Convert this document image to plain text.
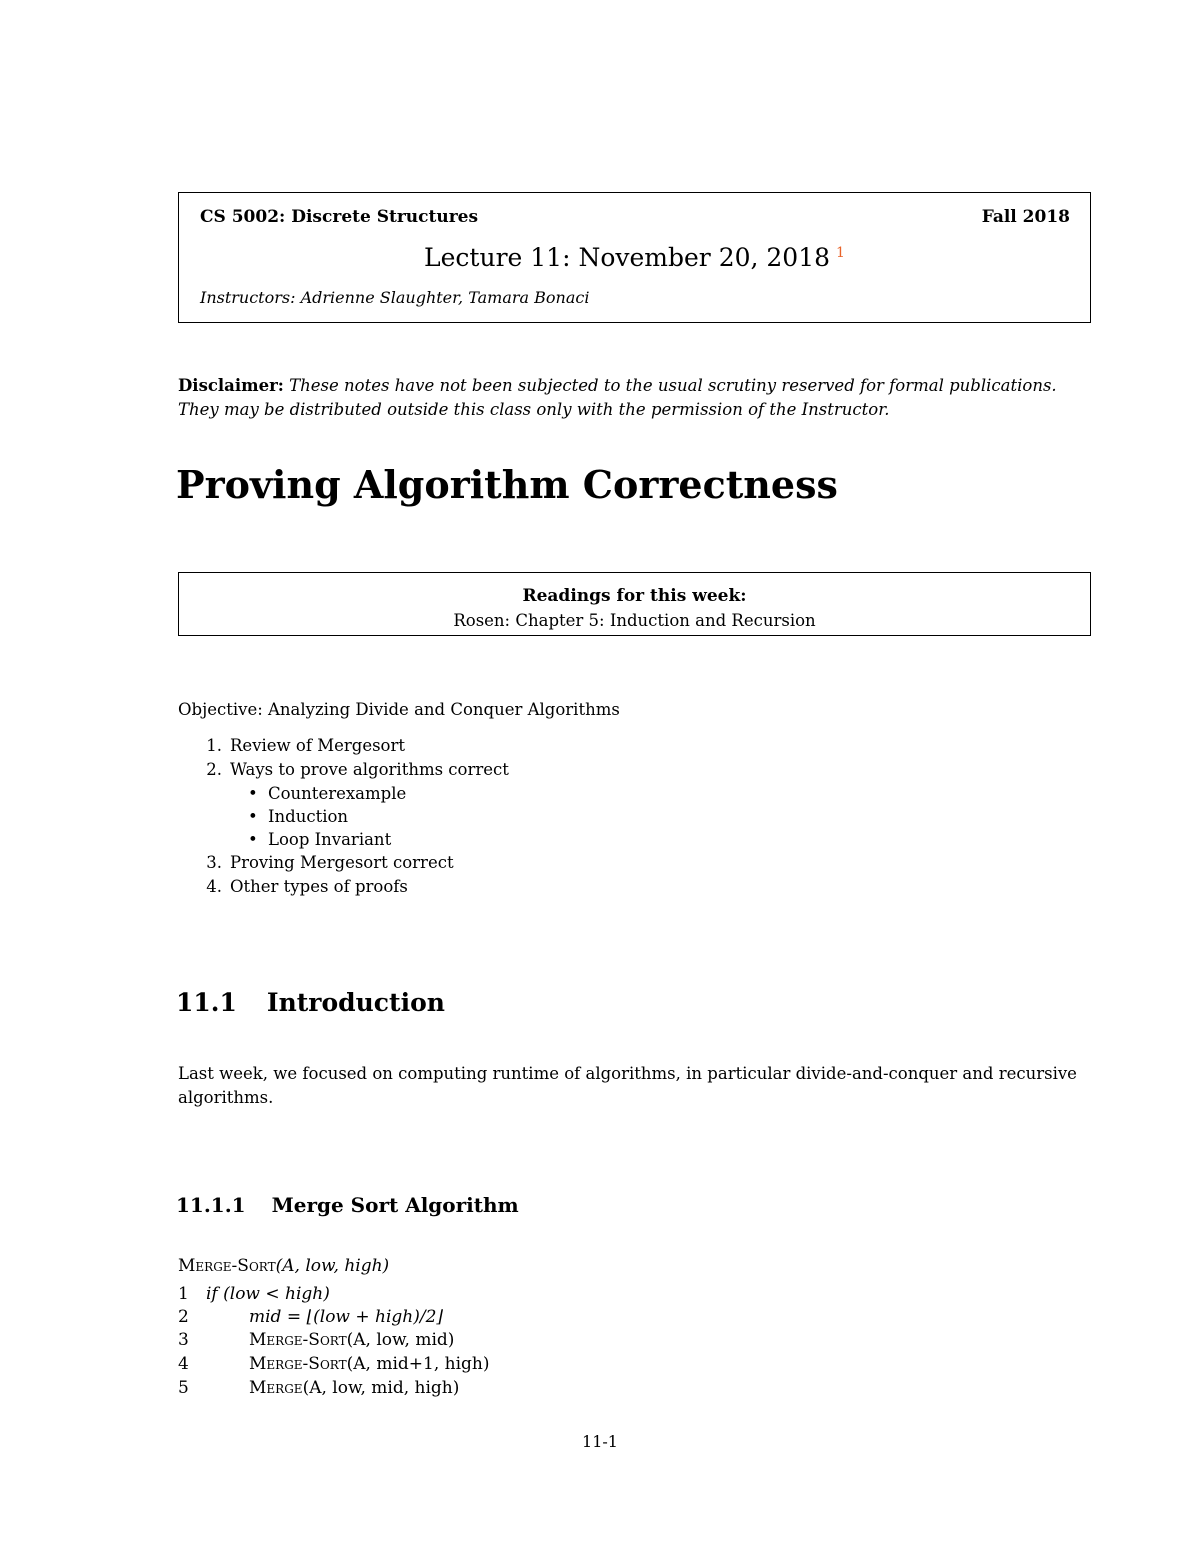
CS 5002: Discrete Structures	Fall 2018
Lecture 11: November 20, 2018 $^1$
Instructors: Adrienne Slaughter, Tamara Bonaci
Disclaimer: These notes have not been subjected to the usual scrutiny reserved for formal publications. They may be distributed outside this class only with the permission of the Instructor.
Proving Algorithm Correctness
Readings for this week:
Rosen: Chapter 5: Induction and Recursion
Objective: Analyzing Divide and Conquer Algorithms
1. Review of Mergesort
2. Ways to prove algorithms correct
• Counterexample
• Induction
• Loop Invariant
3. Proving Mergesort correct
4. Other types of proofs
11.1 Introduction
Last week, we focused on computing runtime of algorithms, in particular divide-and-conquer and recursive algorithms.
11.1.1 Merge Sort Algorithm
Merge-Sort(A, low, high)
1 if (low < high)
2	mid = ⌊(low + high)/2⌋
3	Merge-Sort(A, low, mid)
4	Merge-Sort(A, mid+1, high)
5	Merge(A, low, mid, high)
11-1
